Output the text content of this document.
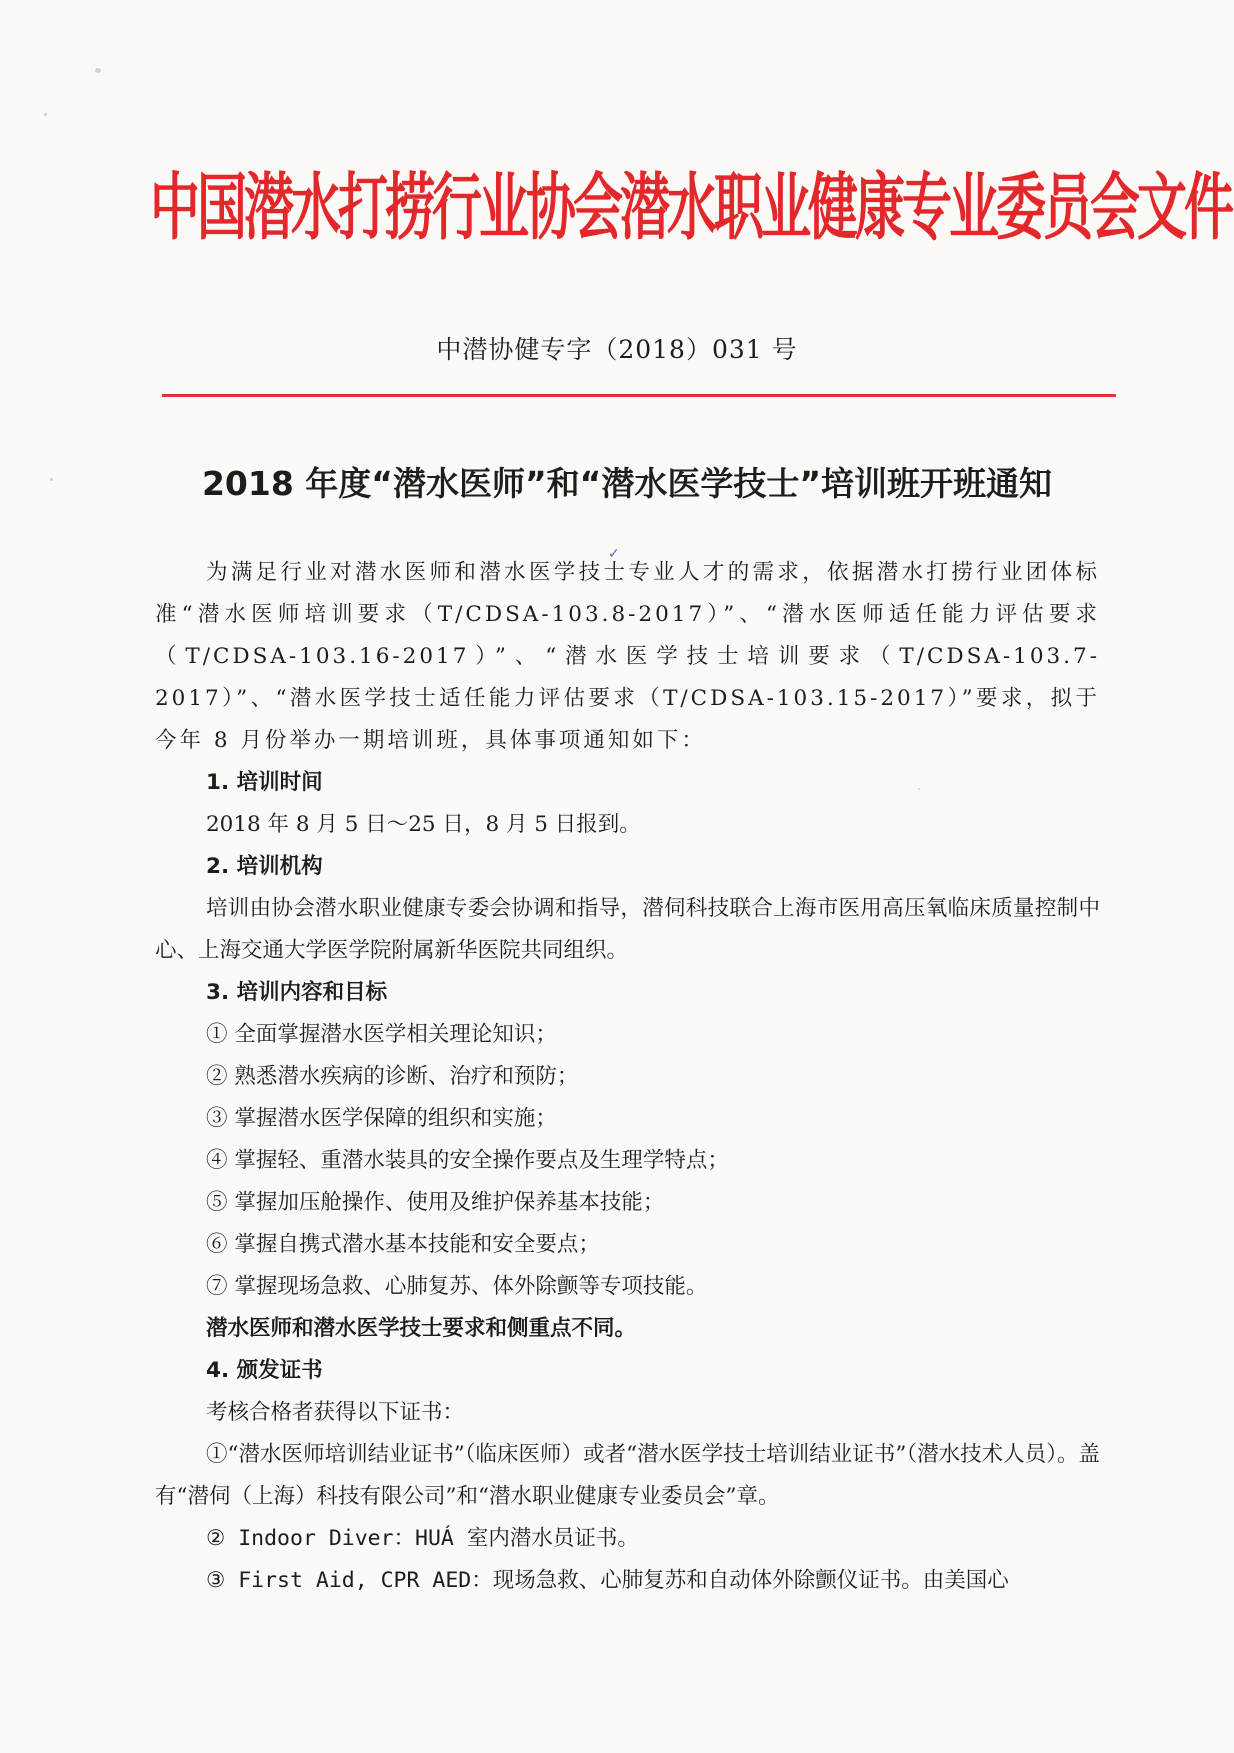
中国潜水打捞行业协会潜水职业健康专业委员会文件
中潜协健专字（2018）031 号
2018 年度“潜水医师”和“潜水医学技士”培训班开班通知
✓

为满足行业对潜水医师和潜水医学技士专业人才的需求，依据潜水打捞行业团体标准“潜水医师培训要求（T/CDSA-103.8-2017）”、“潜水医师适任能力评估要求（T/CDSA-103.16-2017）”、“潜水医学技士培训要求（T/CDSA-103.7-2017）”、“潜水医学技士适任能力评估要求（T/CDSA-103.15-2017）”要求，拟于今年 8 月份举办一期培训班，具体事项通知如下：

1. 培训时间

2018 年 8 月 5 日～25 日，8 月 5 日报到。

2. 培训机构

培训由协会潜水职业健康专委会协调和指导，潜伺科技联合上海市医用高压氧临床质量控制中心、上海交通大学医学院附属新华医院共同组织。

3. 培训内容和目标

① 全面掌握潜水医学相关理论知识；

② 熟悉潜水疾病的诊断、治疗和预防；

③ 掌握潜水医学保障的组织和实施；

④ 掌握轻、重潜水装具的安全操作要点及生理学特点；

⑤ 掌握加压舱操作、使用及维护保养基本技能；

⑥ 掌握自携式潜水基本技能和安全要点；

⑦ 掌握现场急救、心肺复苏、体外除颤等专项技能。

潜水医师和潜水医学技士要求和侧重点不同。

4. 颁发证书

考核合格者获得以下证书：

①“潜水医师培训结业证书”（临床医师）或者“潜水医学技士培训结业证书”（潜水技术人员）。盖有“潜伺（上海）科技有限公司”和“潜水职业健康专业委员会”章。

② Indoor Diver：HUÁ 室内潜水员证书。

③ First Aid, CPR AED：现场急救、心肺复苏和自动体外除颤仪证书。由美国心
